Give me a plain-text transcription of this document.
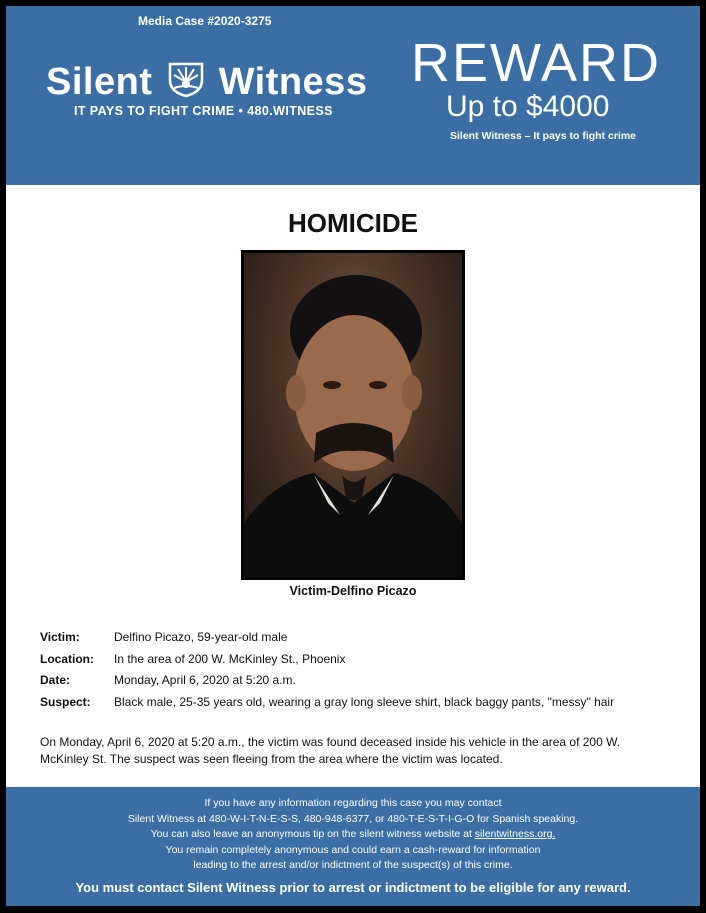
Media Case #2020-3275
Silent Witness
IT PAYS TO FIGHT CRIME • 480.WITNESS
REWARD
Up to $4000
Silent Witness – It pays to fight crime
HOMICIDE
Victim-Delfino Picazo
Victim:	Delfino Picazo, 59-year-old male
Location: In the area of 200 W. McKinley St., Phoenix
Date:	Monday, April 6, 2020 at 5:20 a.m.
Suspect: Black male, 25-35 years old, wearing a gray long sleeve shirt, black baggy pants, "messy" hair
On Monday, April 6, 2020 at 5:20 a.m., the victim was found deceased inside his vehicle in the area of 200 W. McKinley St. The suspect was seen fleeing from the area where the victim was located.
If you have any information regarding this case you may contact
Silent Witness at 480-W-I-T-N-E-S-S, 480-948-6377, or 480-T-E-S-T-I-G-O for Spanish speaking.
You can also leave an anonymous tip on the silent witness website at silentwitness.org.
You remain completely anonymous and could earn a cash-reward for information
leading to the arrest and/or indictment of the suspect(s) of this crime.
You must contact Silent Witness prior to arrest or indictment to be eligible for any reward.
